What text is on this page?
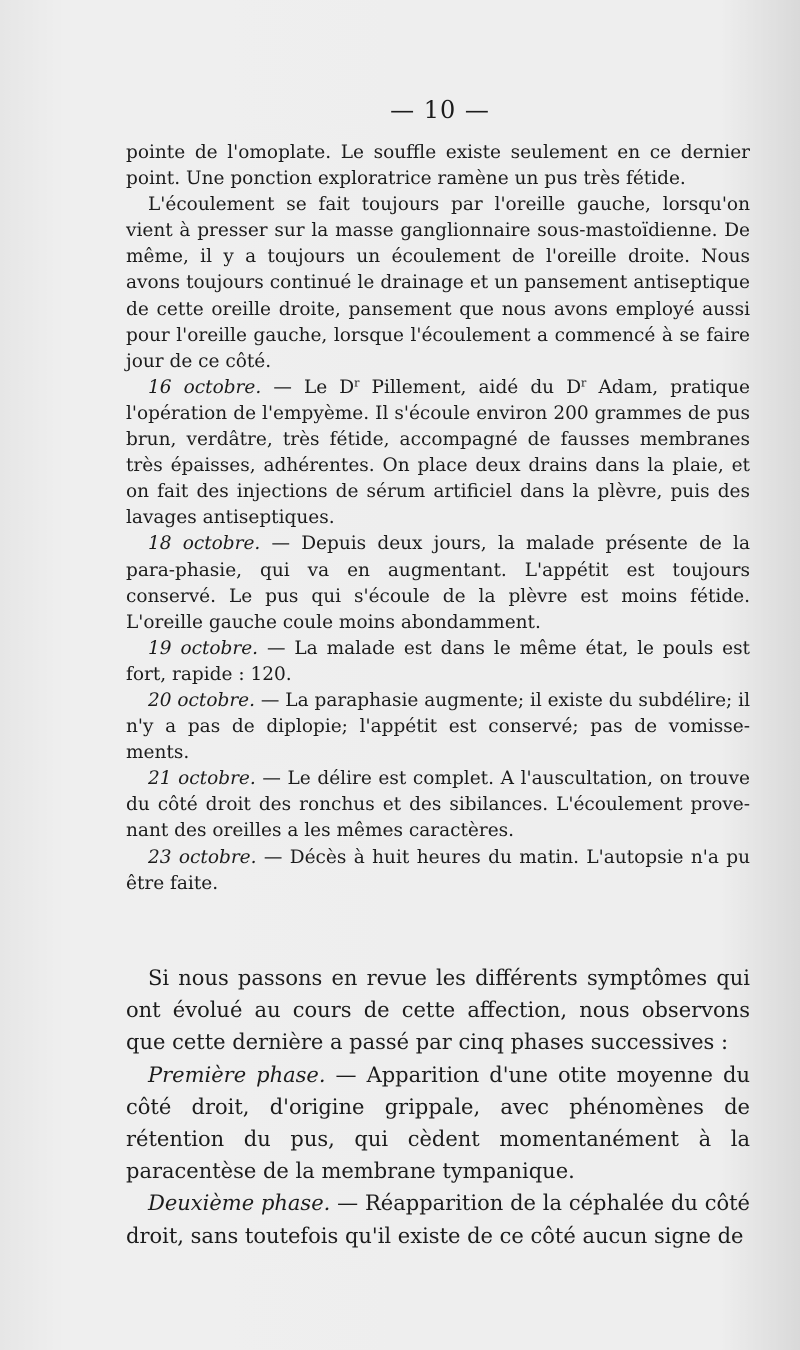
— 10 —

pointe de l'omoplate. Le souffle existe seulement en ce dernier point. Une ponction exploratrice ramène un pus très fétide.

L'écoulement se fait toujours par l'oreille gauche, lorsqu'on vient à presser sur la masse ganglionnaire sous-mastoïdienne. De même, il y a toujours un écoulement de l'oreille droite. Nous avons toujours continué le drainage et un pansement antiseptique de cette oreille droite, pansement que nous avons employé aussi pour l'oreille gauche, lorsque l'écoulement a commencé à se faire jour de ce côté.

16 octobre. — Le $D^r$ Pillement, aidé du $D^r$ Adam, pratique l'opération de l'empyème. Il s'écoule environ 200 grammes de pus brun, verdâtre, très fétide, accompagné de fausses membranes très épaisses, adhérentes. On place deux drains dans la plaie, et on fait des injections de sérum artificiel dans la plèvre, puis des lavages antiseptiques.

18 octobre. — Depuis deux jours, la malade présente de la para-phasie, qui va en augmentant. L'appétit est toujours conservé. Le pus qui s'écoule de la plèvre est moins fétide. L'oreille gauche coule moins abondamment.

19 octobre. — La malade est dans le même état, le pouls est fort, rapide : 120.

20 octobre. — La paraphasie augmente; il existe du subdélire; il n'y a pas de diplopie; l'appétit est conservé; pas de vomisse-ments.

21 octobre. — Le délire est complet. A l'auscultation, on trouve du côté droit des ronchus et des sibilances. L'écoulement prove-nant des oreilles a les mêmes caractères.

23 octobre. — Décès à huit heures du matin. L'autopsie n'a pu être faite.

Si nous passons en revue les différents symptômes qui ont évolué au cours de cette affection, nous observons que cette dernière a passé par cinq phases successives :

Première phase. — Apparition d'une otite moyenne du côté droit, d'origine grippale, avec phénomènes de rétention du pus, qui cèdent momentanément à la paracentèse de la membrane tympanique.

Deuxième phase. — Réapparition de la céphalée du côté droit, sans toutefois qu'il existe de ce côté aucun signe de
